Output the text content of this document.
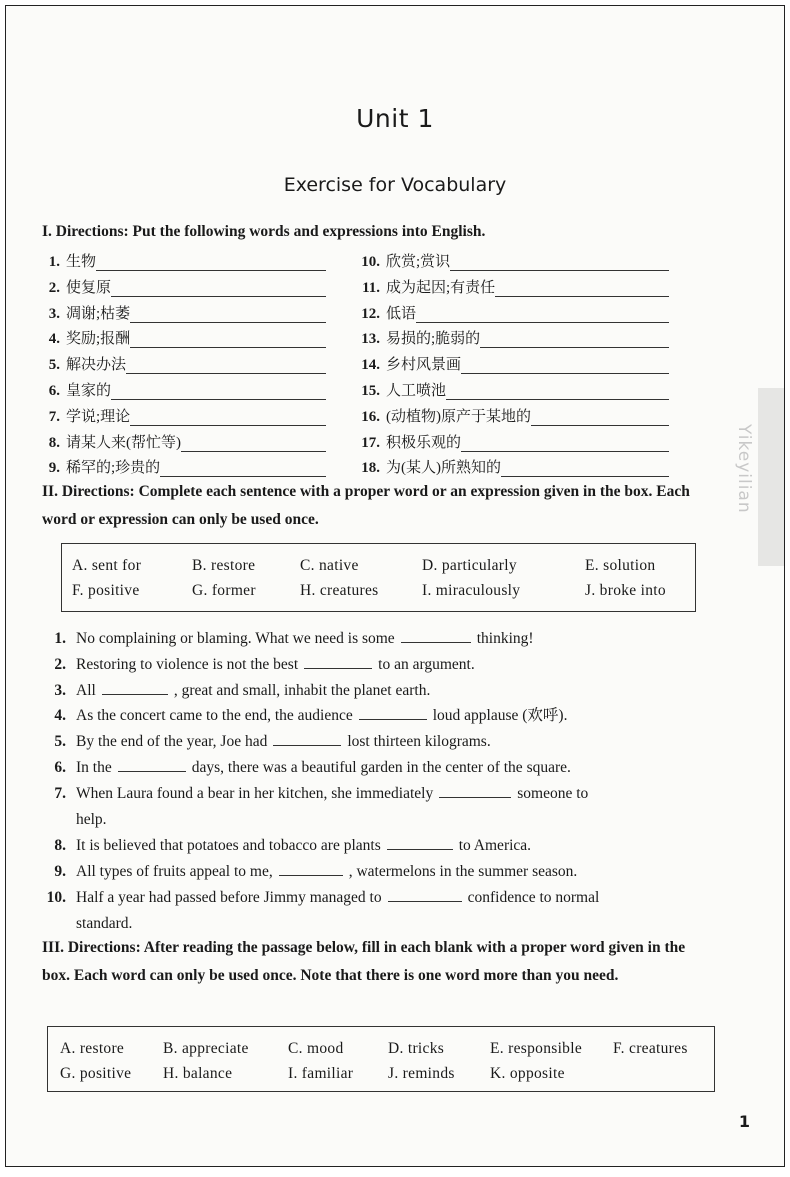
Yikeyilian
Unit 1
Exercise for Vocabulary
I. Directions: Put the following words and expressions into English.
1. 生物
2. 使复原
3. 凋谢;枯萎
4. 奖励;报酬
5. 解决办法
6. 皇家的
7. 学说;理论
8. 请某人来(帮忙等)
9. 稀罕的;珍贵的
10. 欣赏;赏识
11. 成为起因;有责任
12. 低语
13. 易损的;脆弱的
14. 乡村风景画
15. 人工喷池
16. (动植物)原产于某地的
17. 积极乐观的
18. 为(某人)所熟知的
II. Directions: Complete each sentence with a proper word or an expression given in the box. Each word or expression can only be used once.
A. sent for	B. restore	C. native	D. particularly	E. solution
F. positive	G. former	H. creatures	I. miraculously	J. broke into
1. No complaining or blaming. What we need is some	thinking!
2. Restoring to violence is not the best	to an argument.
3. All	, great and small, inhabit the planet earth.
4. As the concert came to the end, the audience	loud applause (欢呼).
5. By the end of the year, Joe had	lost thirteen kilograms.
6. In the	days, there was a beautiful garden in the center of the square.
7. When Laura found a bear in her kitchen, she immediately	someone to
help.
8. It is believed that potatoes and tobacco are plants	to America.
9. All types of fruits appeal to me,	, watermelons in the summer season.
10. Half a year had passed before Jimmy managed to	confidence to normal
standard.
III. Directions: After reading the passage below, fill in each blank with a proper word given in the box. Each word can only be used once. Note that there is one word more than you need.
A. restore	B. appreciate	C. mood	D. tricks	E. responsible F. creatures
G. positive H. balance	I. familiar J. reminds K. opposite
1
